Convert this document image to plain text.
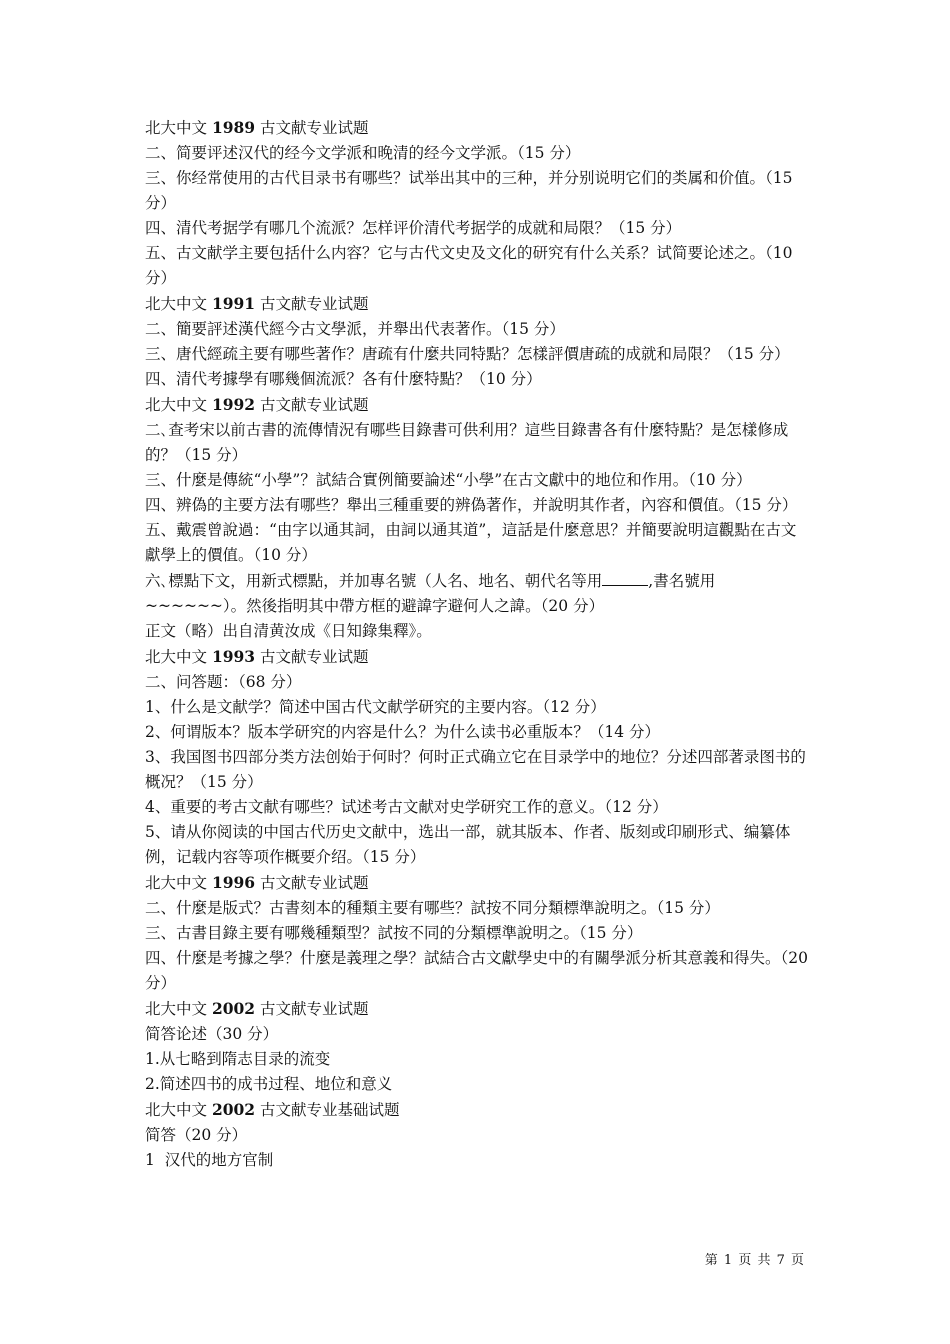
北大中文 1989 古文献专业试题

二、简要评述汉代的经今文学派和晚清的经今文学派。（15 分）

三、你经常使用的古代目录书有哪些？试举出其中的三种，并分别说明它们的类属和价值。（15 分）

四、清代考据学有哪几个流派？怎样评价清代考据学的成就和局限？（15 分）

五、古文献学主要包括什么内容？它与古代文史及文化的研究有什么关系？试简要论述之。（10 分）

北大中文 1991 古文献专业试题

二、簡要評述漢代經今古文學派，并舉出代表著作。（15 分）

三、唐代經疏主要有哪些著作？唐疏有什麼共同特點？怎樣評價唐疏的成就和局限？（15 分）

四、清代考據學有哪幾個流派？各有什麼特點？（10 分）

北大中文 1992 古文献专业试题

二､查考宋以前古書的流傳情況有哪些目錄書可供利用？這些目錄書各有什麼特點？是怎樣修成的？（15 分）

三、什麼是傳統“小學”？試結合實例簡要論述“小學”在古文獻中的地位和作用。（10 分）

四、辨偽的主要方法有哪些？舉出三種重要的辨偽著作，并說明其作者，內容和價值。（15 分）

五、戴震曾說過：“由字以通其詞，由詞以通其道”，這話是什麼意思？并簡要說明這觀點在古文獻學上的價值。（10 分）

六､標點下文，用新式標點，并加專名號（人名、地名、朝代名等用	,書名號用~~~~~~）。然後指明其中帶方框的避諱字避何人之諱。（20 分）

正文（略）出自清黄汝成《日知錄集釋》。

北大中文 1993 古文献专业试题

二、问答题：（68 分）

1、什么是文献学？简述中国古代文献学研究的主要内容。（12 分）

2、何谓版本？版本学研究的内容是什么？为什么读书必重版本？（14 分）

3、我国图书四部分类方法创始于何时？何时正式确立它在目录学中的地位？分述四部著录图书的概况？（15 分）

4、重要的考古文献有哪些？试述考古文献对史学研究工作的意义。（12 分）

5、请从你阅读的中国古代历史文献中，选出一部，就其版本、作者、版刻或印刷形式、编纂体例，记载内容等项作概要介绍。（15 分）

北大中文 1996 古文献专业试题

二、什麼是版式？古書刻本的種類主要有哪些？試按不同分類標準說明之。（15 分）

三、古書目錄主要有哪幾種類型？試按不同的分類標準說明之。（15 分）

四、什麼是考據之學？什麼是義理之學？試結合古文獻學史中的有關學派分析其意義和得失。（20 分）

北大中文 2002 古文献专业试题

简答论述（30 分）

1.从七略到隋志目录的流变

2.简述四书的成书过程、地位和意义

北大中文 2002 古文献专业基础试题

简答（20 分）

1  汉代的地方官制

第 1 页 共 7 页
